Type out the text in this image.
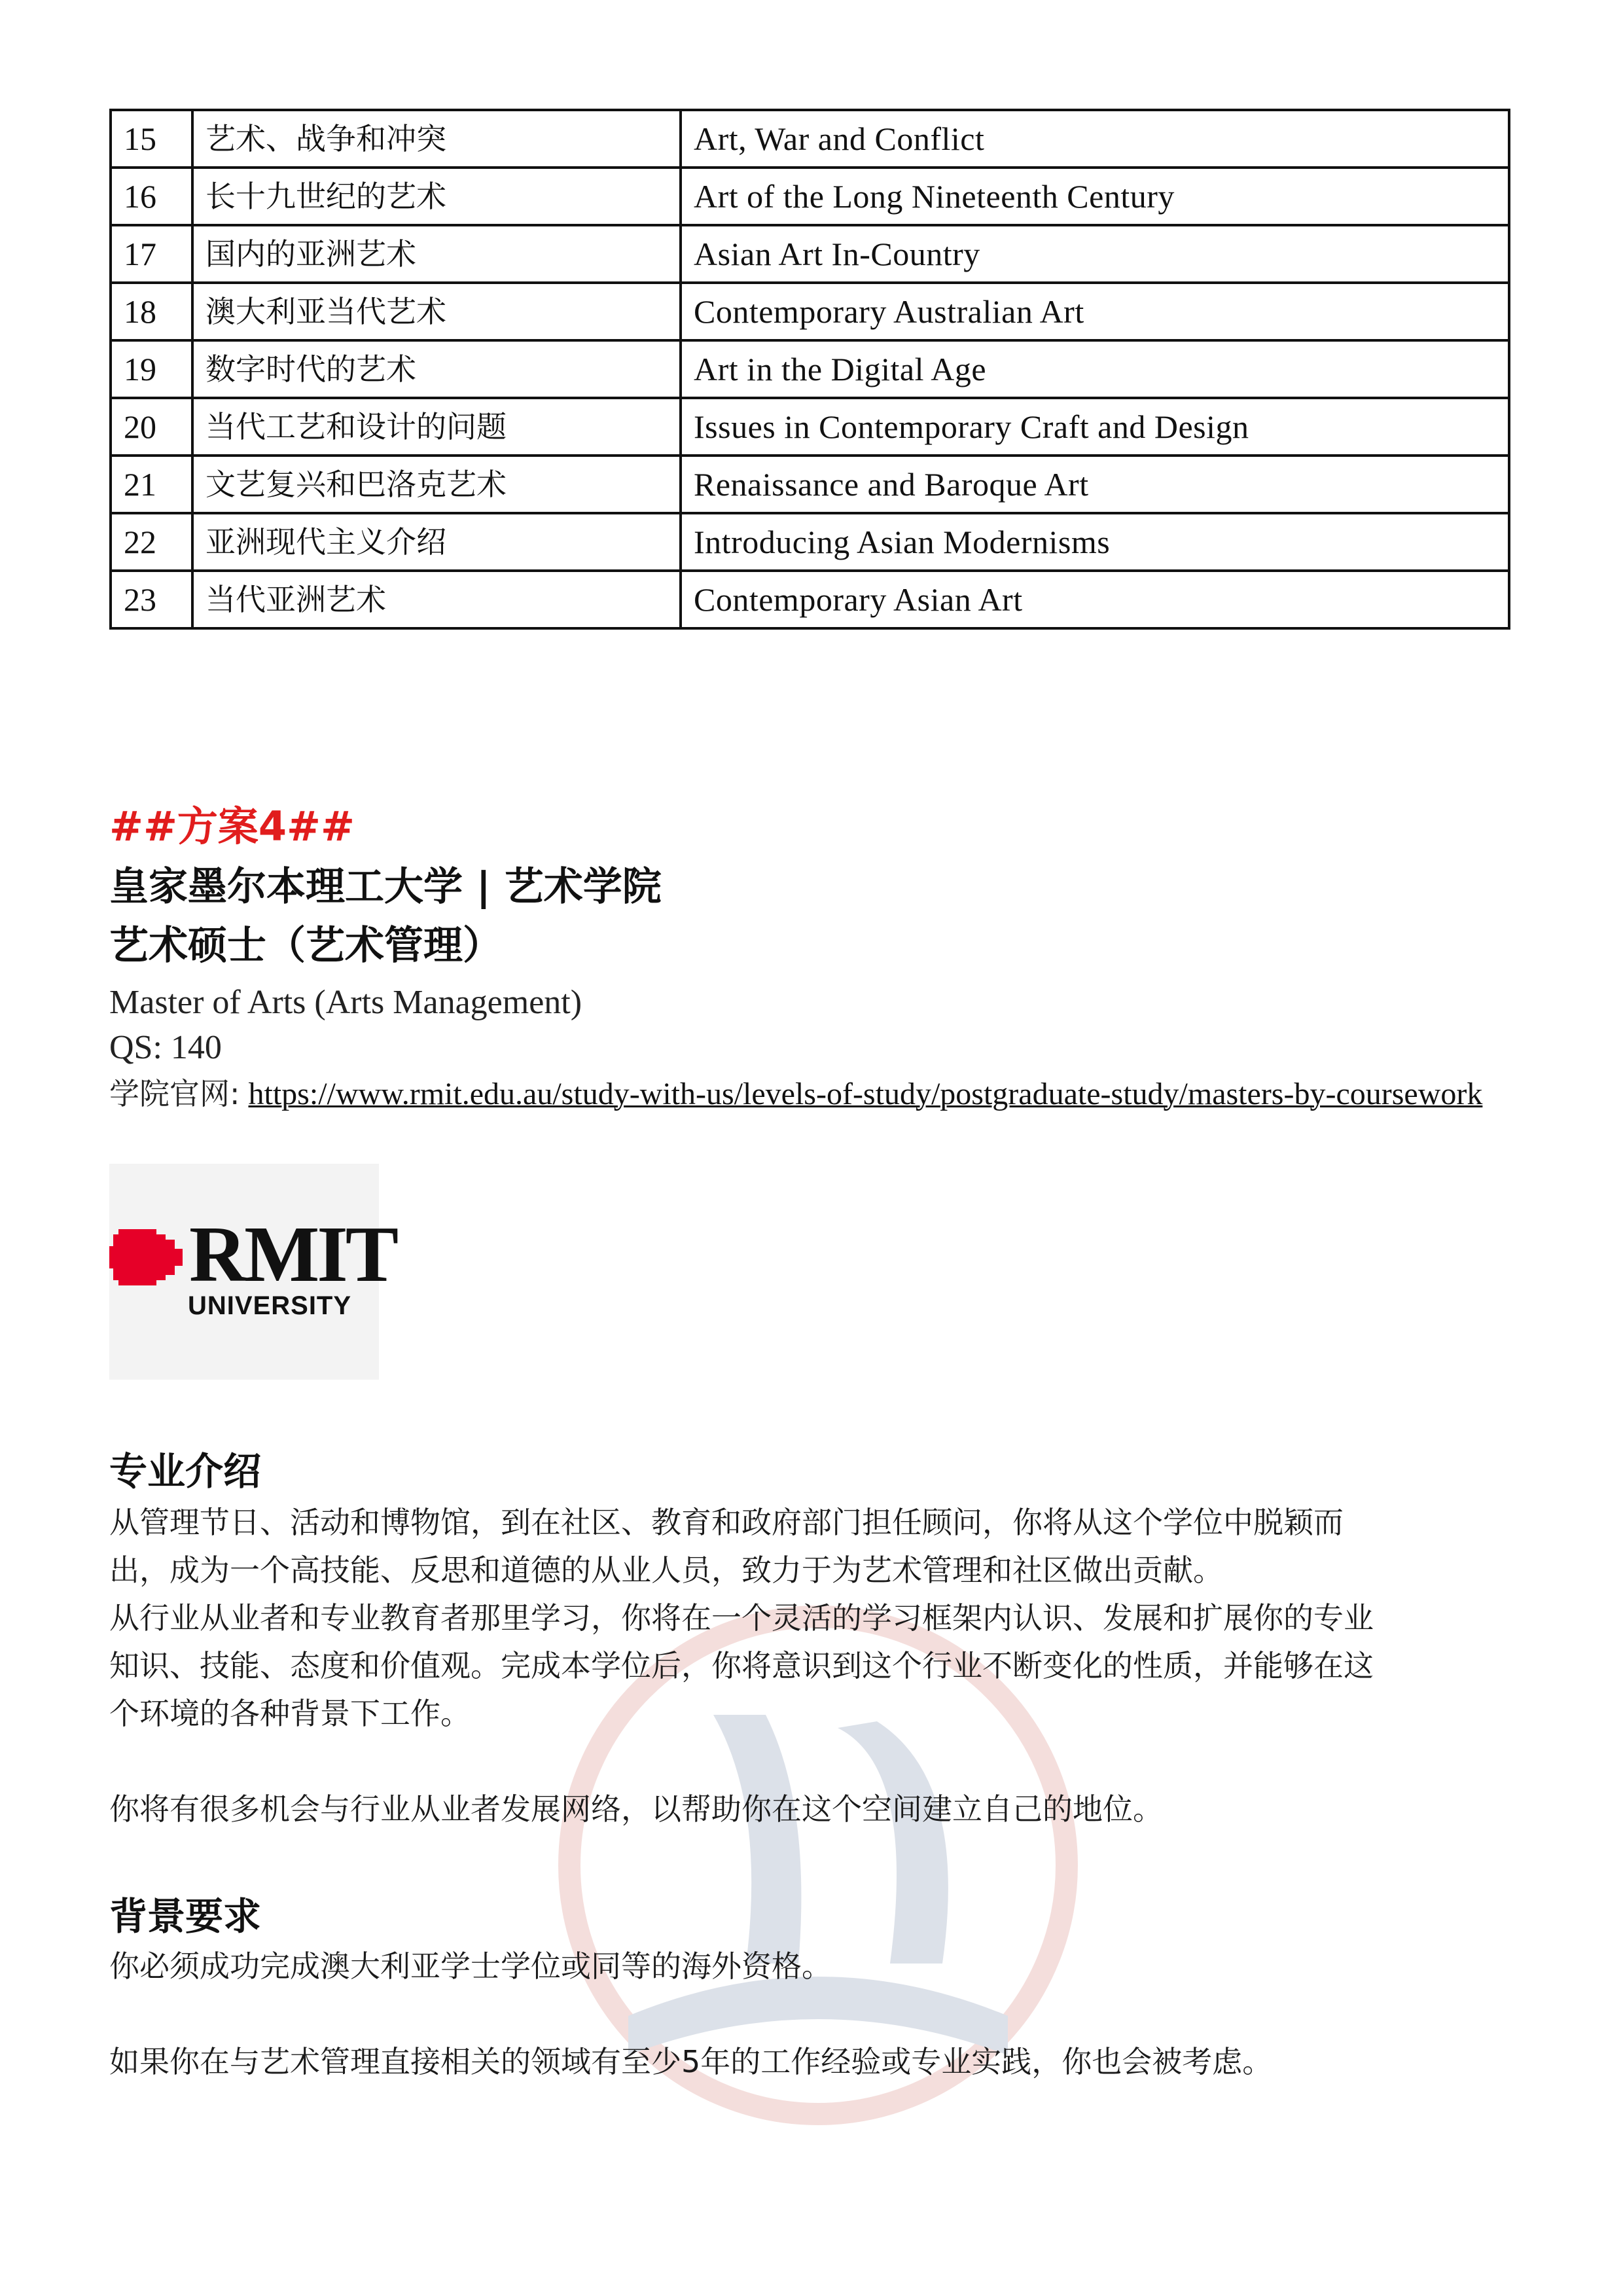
15	艺术、战争和冲突	Art, War and Conflict
16	长十九世纪的艺术	Art of the Long Nineteenth Century
17	国内的亚洲艺术	Asian Art In-Country
18	澳大利亚当代艺术	Contemporary Australian Art
19	数字时代的艺术	Art in the Digital Age
20	当代工艺和设计的问题	Issues in Contemporary Craft and Design
21	文艺复兴和巴洛克艺术	Renaissance and Baroque Art
22	亚洲现代主义介绍	Introducing Asian Modernisms
23	当代亚洲艺术	Contemporary Asian Art

##方案4##

皇家墨尔本理工大学 | 艺术学院

艺术硕士（艺术管理）

Master of Arts (Arts Management)

QS: 140

学院官网: https://www.rmit.edu.au/study-with-us/levels-of-study/postgraduate-study/masters-by-coursework

RMIT

UNIVERSITY

专业介绍

从管理节日、活动和博物馆，到在社区、教育和政府部门担任顾问，你将从这个学位中脱颖而

出，成为一个高技能、反思和道德的从业人员，致力于为艺术管理和社区做出贡献。

从行业从业者和专业教育者那里学习，你将在一个灵活的学习框架内认识、发展和扩展你的专业

知识、技能、态度和价值观。完成本学位后，你将意识到这个行业不断变化的性质，并能够在这

个环境的各种背景下工作。

你将有很多机会与行业从业者发展网络，以帮助你在这个空间建立自己的地位。

背景要求

你必须成功完成澳大利亚学士学位或同等的海外资格。

如果你在与艺术管理直接相关的领域有至少5年的工作经验或专业实践，你也会被考虑。
